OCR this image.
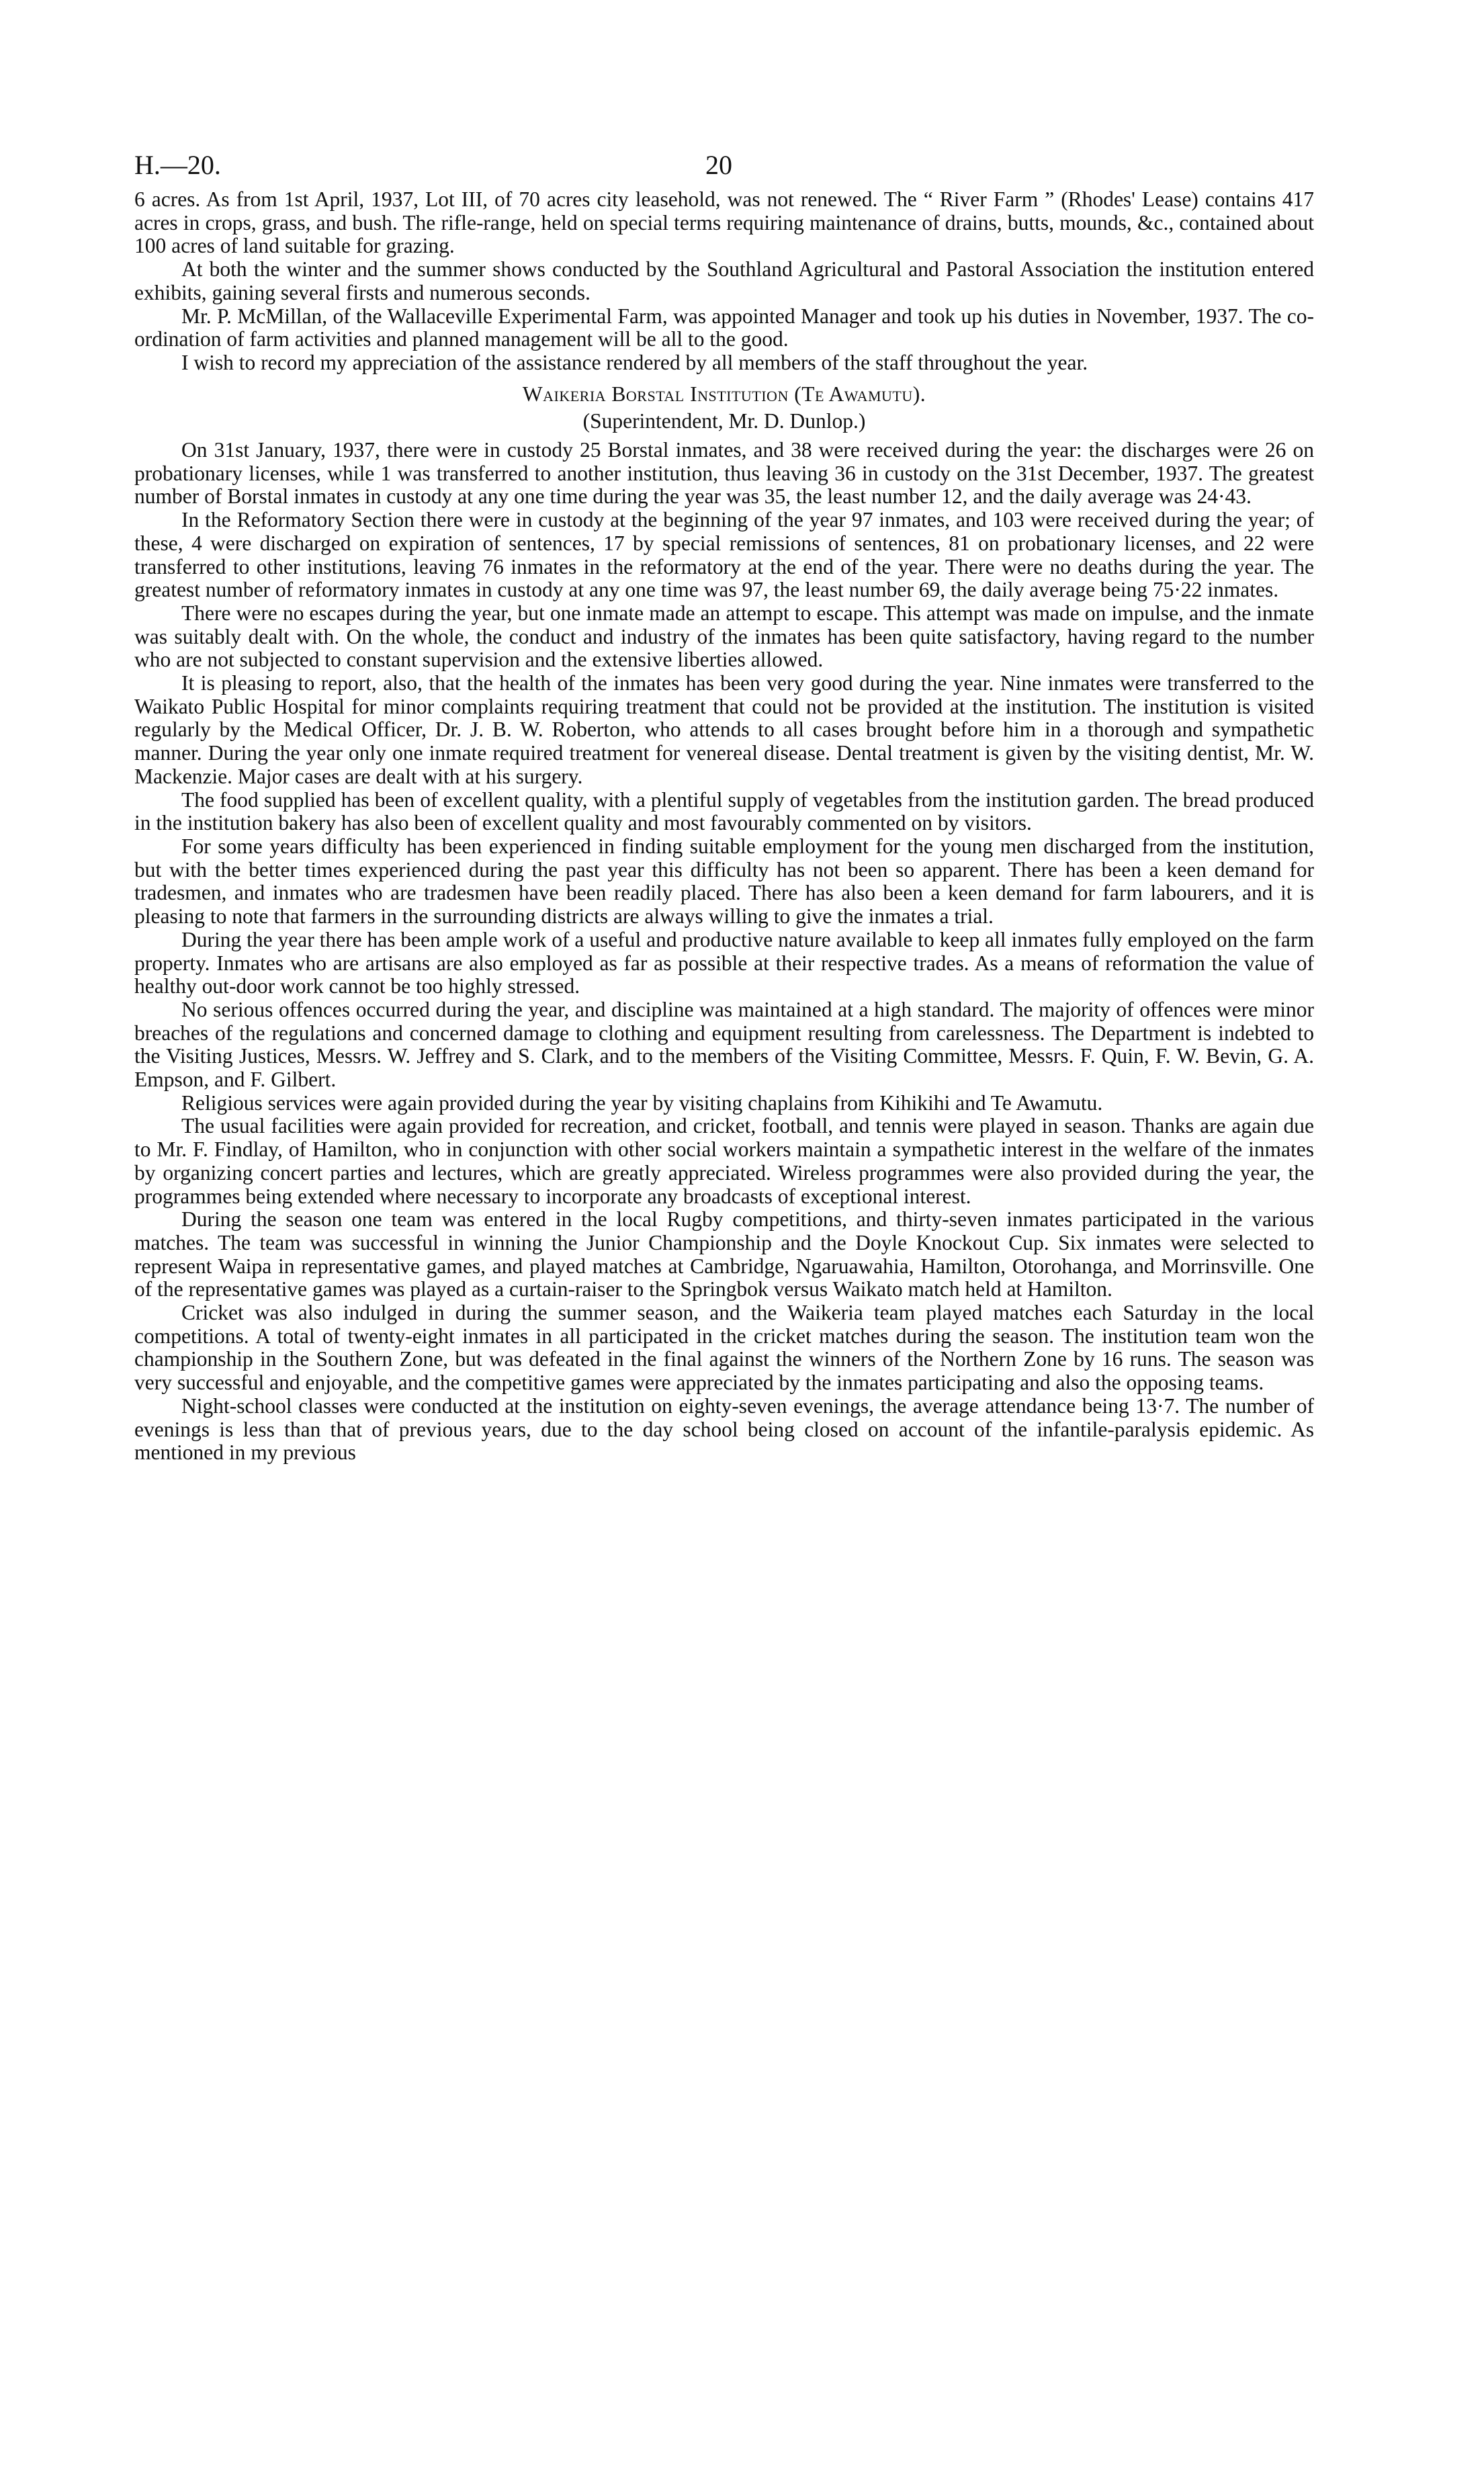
H.—20.	20

6 acres. As from 1st April, 1937, Lot III, of 70 acres city leasehold, was not renewed. The “ River Farm ” (Rhodes' Lease) contains 417 acres in crops, grass, and bush. The rifle-range, held on special terms requiring maintenance of drains, butts, mounds, &c., contained about 100 acres of land suitable for grazing.

At both the winter and the summer shows conducted by the Southland Agricultural and Pastoral Association the institution entered exhibits, gaining several firsts and numerous seconds.

Mr. P. McMillan, of the Wallaceville Experimental Farm, was appointed Manager and took up his duties in November, 1937. The co-ordination of farm activities and planned management will be all to the good.

I wish to record my appreciation of the assistance rendered by all members of the staff throughout the year.

Waikeria Borstal Institution (Te Awamutu).
(Superintendent, Mr. D. Dunlop.)

On 31st January, 1937, there were in custody 25 Borstal inmates, and 38 were received during the year: the discharges were 26 on probationary licenses, while 1 was transferred to another institution, thus leaving 36 in custody on the 31st December, 1937. The greatest number of Borstal inmates in custody at any one time during the year was 35, the least number 12, and the daily average was 24·43.

In the Reformatory Section there were in custody at the beginning of the year 97 inmates, and 103 were received during the year; of these, 4 were discharged on expiration of sentences, 17 by special remissions of sentences, 81 on probationary licenses, and 22 were transferred to other institutions, leaving 76 inmates in the reformatory at the end of the year. There were no deaths during the year. The greatest number of reformatory inmates in custody at any one time was 97, the least number 69, the daily average being 75·22 inmates.

There were no escapes during the year, but one inmate made an attempt to escape. This attempt was made on impulse, and the inmate was suitably dealt with. On the whole, the conduct and industry of the inmates has been quite satisfactory, having regard to the number who are not subjected to constant supervision and the extensive liberties allowed.

It is pleasing to report, also, that the health of the inmates has been very good during the year. Nine inmates were transferred to the Waikato Public Hospital for minor complaints requiring treatment that could not be provided at the institution. The institution is visited regularly by the Medical Officer, Dr. J. B. W. Roberton, who attends to all cases brought before him in a thorough and sympathetic manner. During the year only one inmate required treatment for venereal disease. Dental treatment is given by the visiting dentist, Mr. W. Mackenzie. Major cases are dealt with at his surgery.

The food supplied has been of excellent quality, with a plentiful supply of vegetables from the institution garden. The bread produced in the institution bakery has also been of excellent quality and most favourably commented on by visitors.

For some years difficulty has been experienced in finding suitable employment for the young men discharged from the institution, but with the better times experienced during the past year this difficulty has not been so apparent. There has been a keen demand for tradesmen, and inmates who are tradesmen have been readily placed. There has also been a keen demand for farm labourers, and it is pleasing to note that farmers in the surrounding districts are always willing to give the inmates a trial.

During the year there has been ample work of a useful and productive nature available to keep all inmates fully employed on the farm property. Inmates who are artisans are also employed as far as possible at their respective trades. As a means of reformation the value of healthy out-door work cannot be too highly stressed.

No serious offences occurred during the year, and discipline was maintained at a high standard. The majority of offences were minor breaches of the regulations and concerned damage to clothing and equipment resulting from carelessness. The Department is indebted to the Visiting Justices, Messrs. W. Jeffrey and S. Clark, and to the members of the Visiting Committee, Messrs. F. Quin, F. W. Bevin, G. A. Empson, and F. Gilbert.

Religious services were again provided during the year by visiting chaplains from Kihikihi and Te Awamutu.

The usual facilities were again provided for recreation, and cricket, football, and tennis were played in season. Thanks are again due to Mr. F. Findlay, of Hamilton, who in conjunction with other social workers maintain a sympathetic interest in the welfare of the inmates by organizing concert parties and lectures, which are greatly appreciated. Wireless programmes were also provided during the year, the programmes being extended where necessary to incorporate any broadcasts of exceptional interest.

During the season one team was entered in the local Rugby competitions, and thirty-seven inmates participated in the various matches. The team was successful in winning the Junior Championship and the Doyle Knockout Cup. Six inmates were selected to represent Waipa in representative games, and played matches at Cambridge, Ngaruawahia, Hamilton, Otorohanga, and Morrinsville. One of the representative games was played as a curtain-raiser to the Springbok versus Waikato match held at Hamilton.

Cricket was also indulged in during the summer season, and the Waikeria team played matches each Saturday in the local competitions. A total of twenty-eight inmates in all participated in the cricket matches during the season. The institution team won the championship in the Southern Zone, but was defeated in the final against the winners of the Northern Zone by 16 runs. The season was very successful and enjoyable, and the competitive games were appreciated by the inmates participating and also the opposing teams.

Night-school classes were conducted at the institution on eighty-seven evenings, the average attendance being 13·7. The number of evenings is less than that of previous years, due to the day school being closed on account of the infantile-paralysis epidemic. As mentioned in my previous
